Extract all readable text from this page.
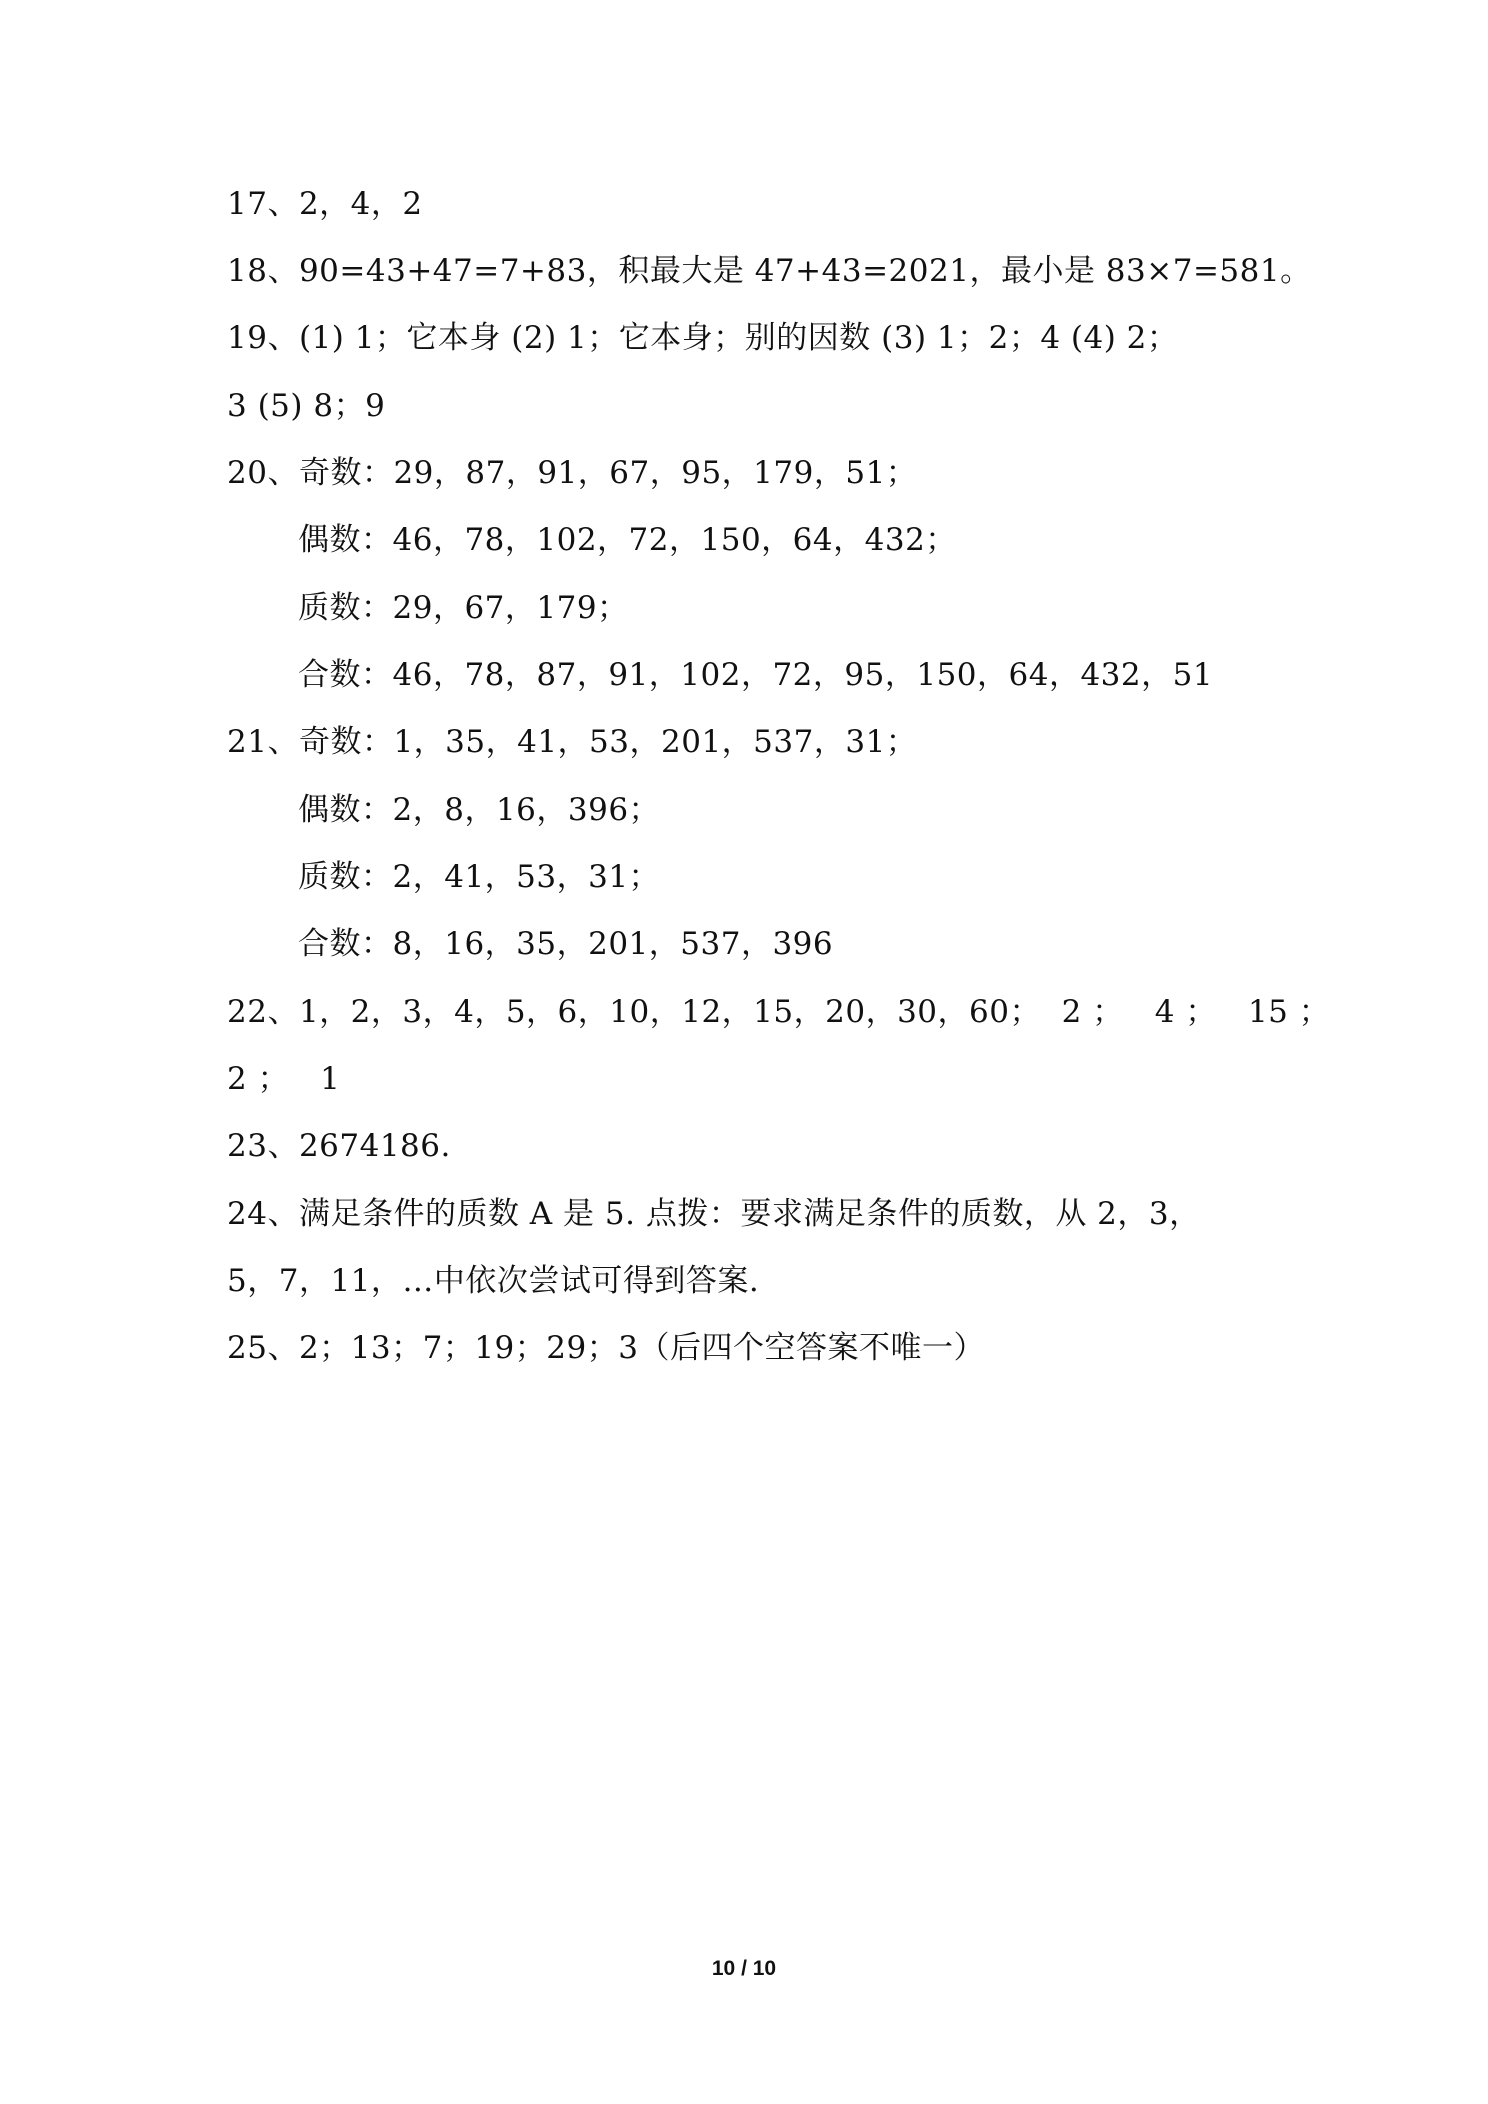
17、2，4，2
18、90=43+47=7+83，积最大是 47+43=2021，最小是 83×7=581。
19、(1) 1；它本身 (2) 1；它本身；别的因数 (3) 1；2；4 (4) 2；
3 (5) 8；9
20、奇数：29，87，91，67，95，179，51；
偶数：46，78，102，72，150，64，432；
质数：29，67，179；
合数：46，78，87，91，102，72，95，150，64，432，51
21、奇数：1，35，41，53，201，537，31；
偶数：2，8，16，396；
质数：2，41，53，31；
合数：8，16，35，201，537，396
22、1，2，3，4，5，6，10，12，15，20，30，60；  2 ；   4 ；   15 ；
2 ；   1
23、2674186.
24、满足条件的质数 A 是 5. 点拨：要求满足条件的质数，从 2，3，
5，7，11，…中依次尝试可得到答案.
25、2；13；7；19；29；3（后四个空答案不唯一）
10 / 10
